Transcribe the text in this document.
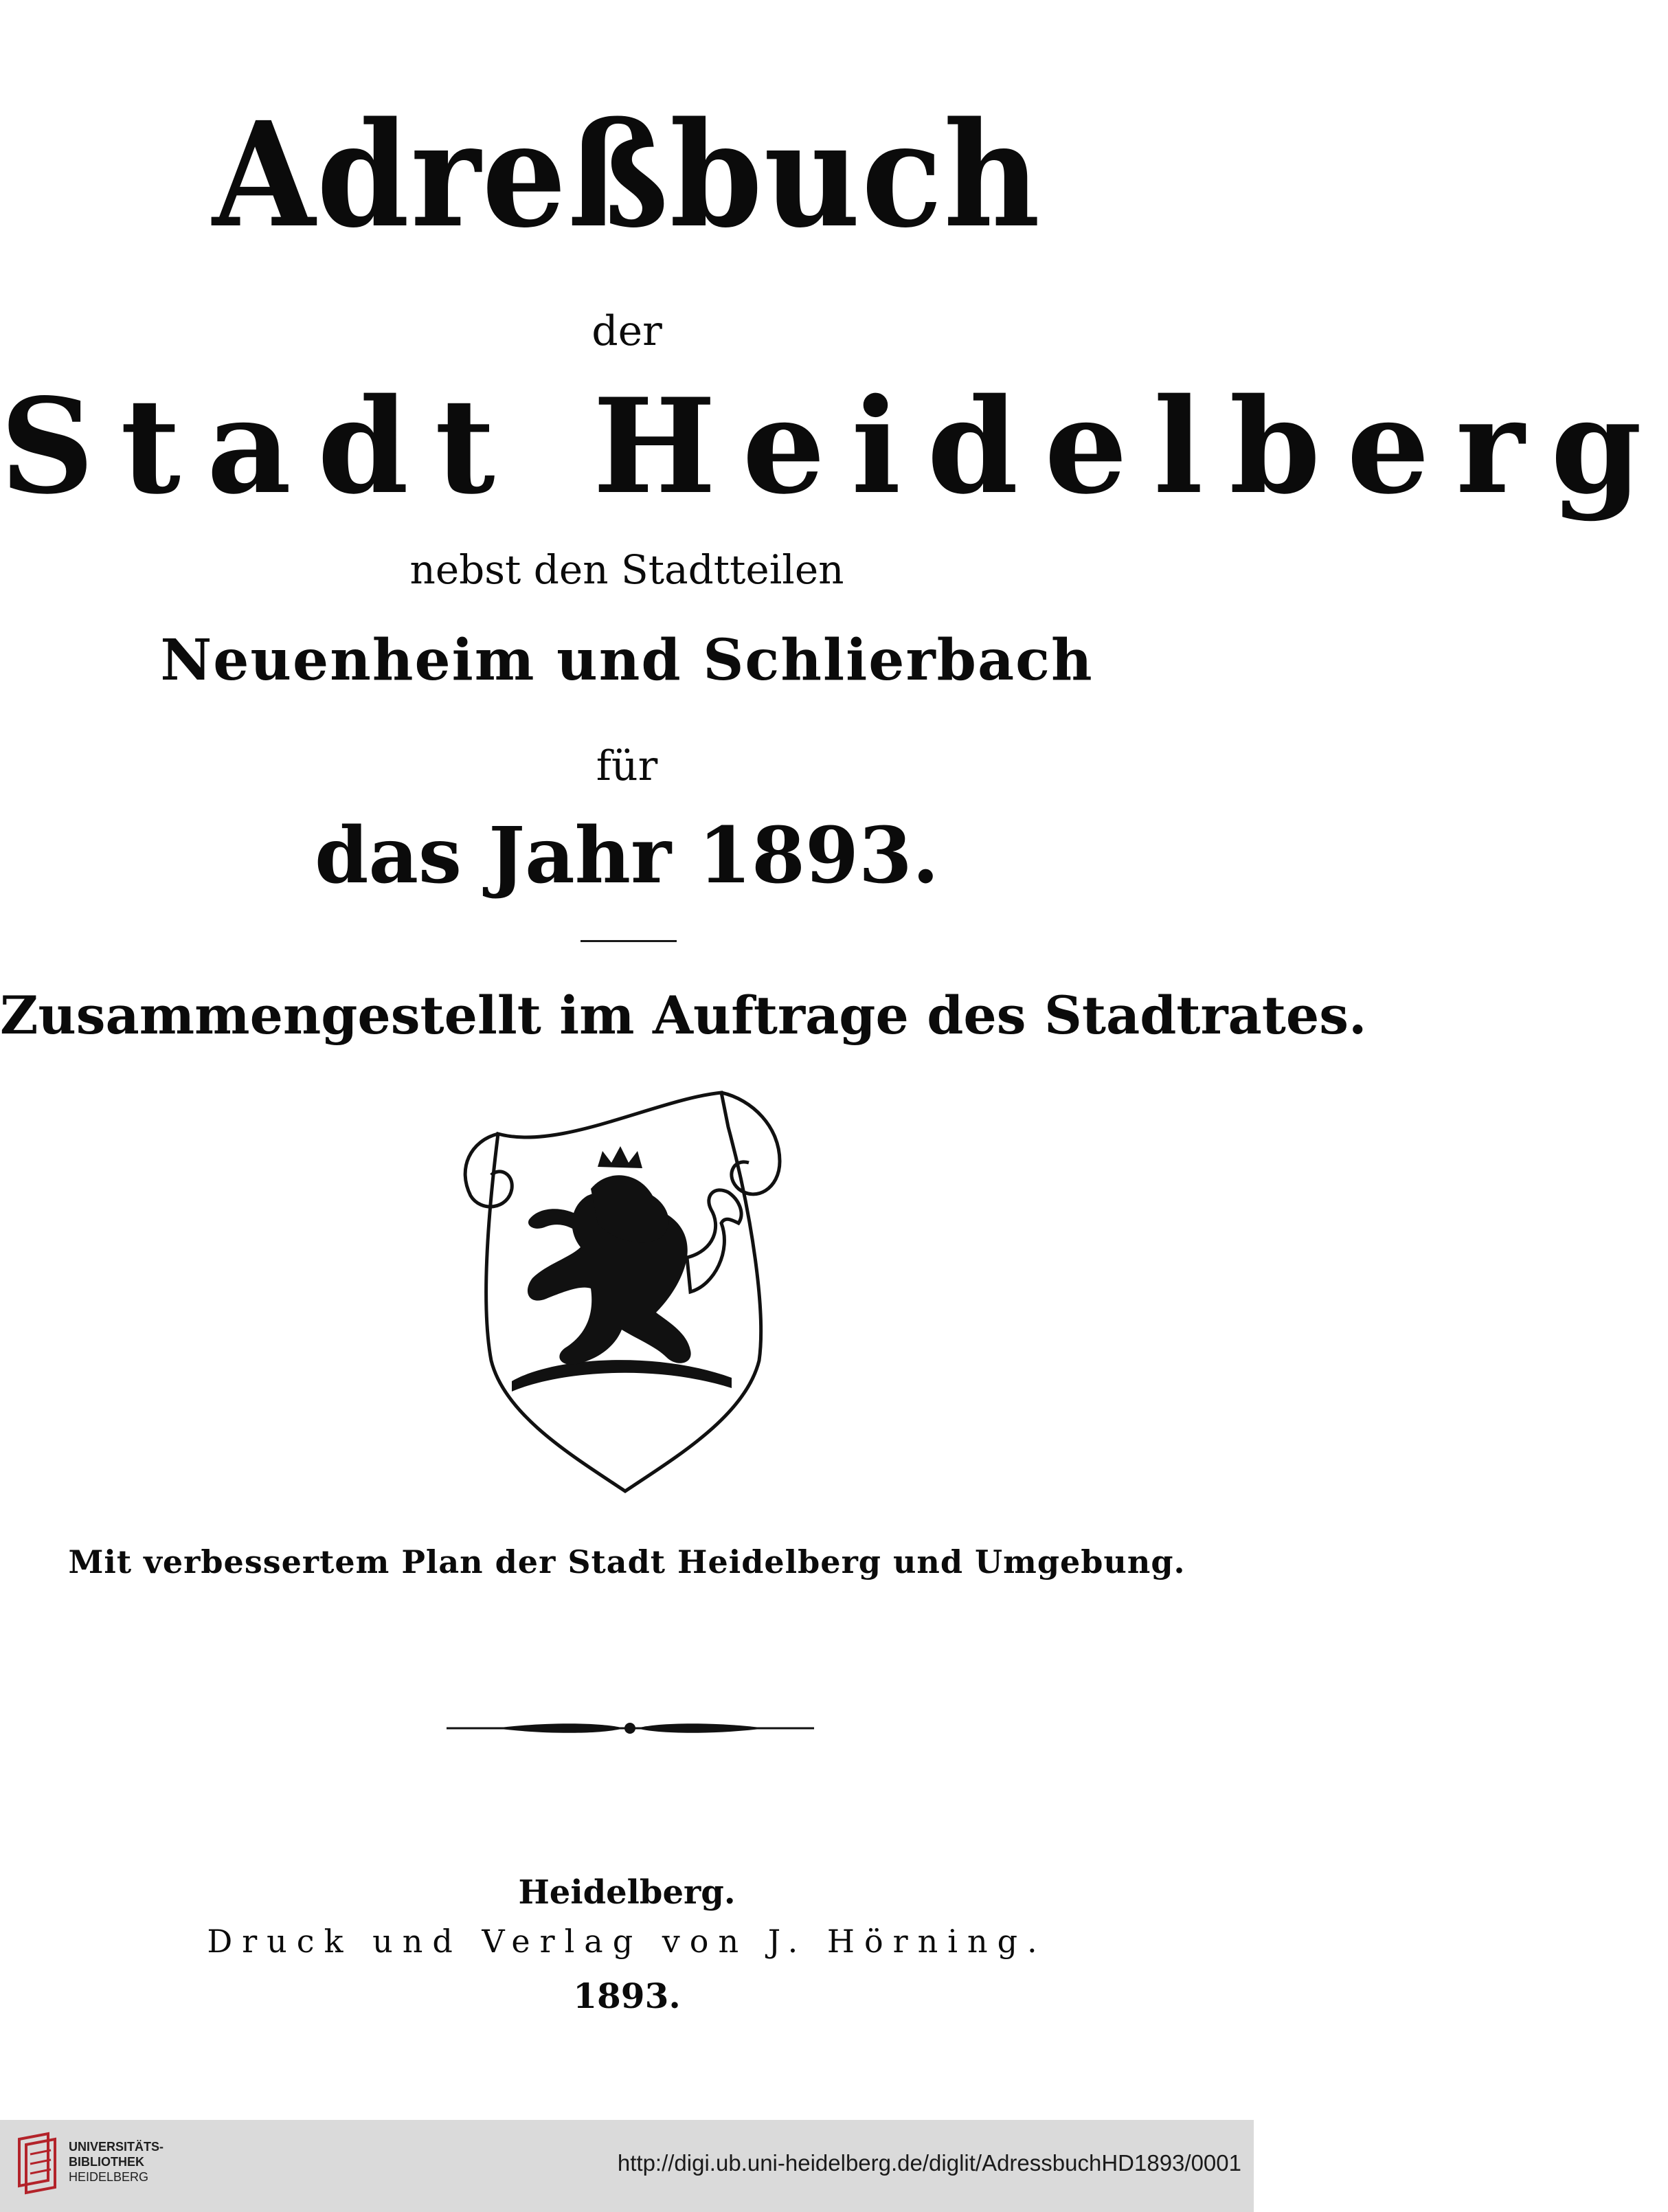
Adreßbuch
der
Stadt Heidelberg
nebst den Stadtteilen
Neuenheim und Schlierbach
für
das Jahr 1893.
Zusammengestellt im Auftrage des Stadtrates.
Mit verbessertem Plan der Stadt Heidelberg und Umgebung.
Heidelberg.
Druck und Verlag von J. Hörning.
1893.
UNIVERSITÄTS-
BIBLIOTHEK
HEIDELBERG
http://digi.ub.uni-heidelberg.de/diglit/AdressbuchHD1893/0001
